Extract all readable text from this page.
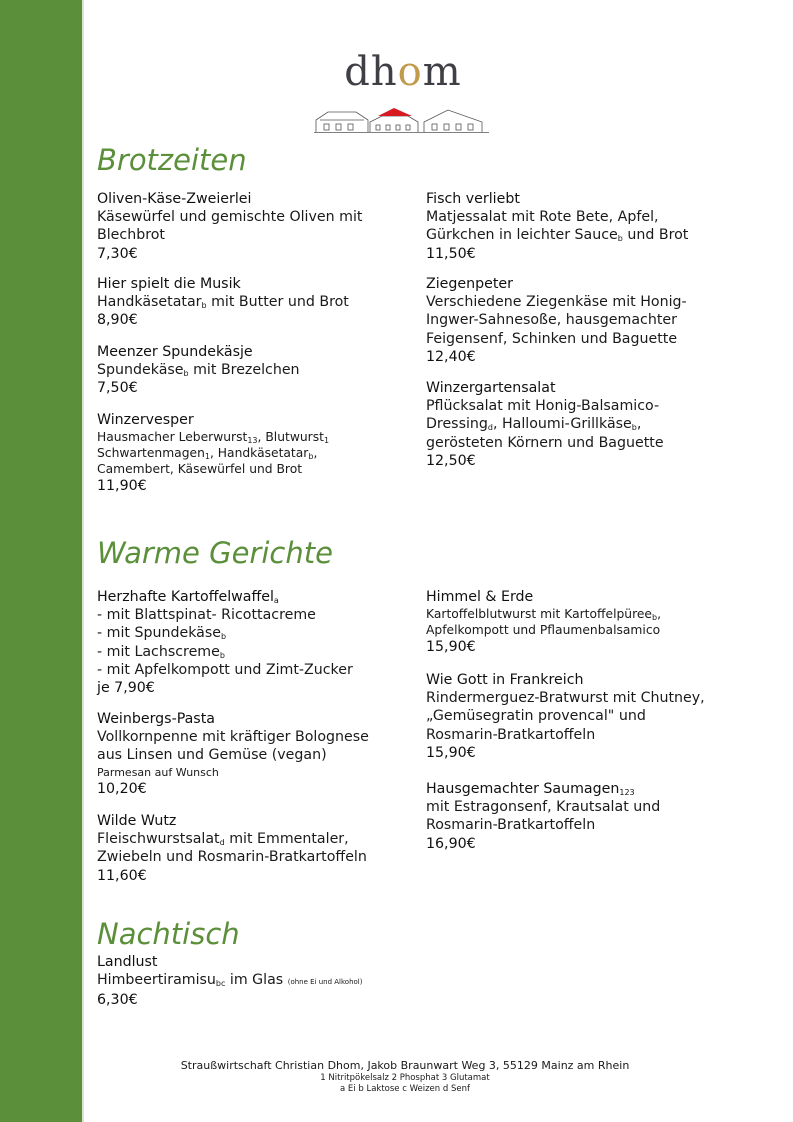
dhom
Brotzeiten
Oliven-Käse-Zweierlei
Käsewürfel und gemischte Oliven mit
Blechbrot
7,30€
Hier spielt die Musik
Handkäsetatar$_b$ mit Butter und Brot
8,90€
Meenzer Spundekäsje
Spundekäse$_b$ mit Brezelchen
7,50€
Winzervesper
Hausmacher Leberwurst$_{13}$, Blutwurst$_1$
Schwartenmagen$_1$, Handkäsetatar$_b$,
Camembert, Käsewürfel und Brot
11,90€
Fisch verliebt
Matjessalat mit Rote Bete, Apfel,
Gürkchen in leichter Sauce$_b$ und Brot
11,50€
Ziegenpeter
Verschiedene Ziegenkäse mit Honig-
Ingwer-Sahnesoße, hausgemachter
Feigensenf, Schinken und Baguette
12,40€
Winzergartensalat
Pflücksalat mit Honig-Balsamico-
Dressing$_d$, Halloumi-Grillkäse$_b$,
gerösteten Körnern und Baguette
12,50€
Warme Gerichte
Herzhafte Kartoffelwaffel$_a$
- mit Blattspinat- Ricottacreme
- mit Spundekäse$_b$
- mit Lachscreme$_b$
- mit Apfelkompott und Zimt-Zucker
je 7,90€
Weinbergs-Pasta
Vollkornpenne mit kräftiger Bolognese
aus Linsen und Gemüse (vegan)
Parmesan auf Wunsch
10,20€
Wilde Wutz
Fleischwurstsalat$_d$ mit Emmentaler,
Zwiebeln und Rosmarin-Bratkartoffeln
11,60€
Himmel & Erde
Kartoffelblutwurst mit Kartoffelpüree$_b$,
Apfelkompott und Pflaumenbalsamico
15,90€
Wie Gott in Frankreich
Rindermerguez-Bratwurst mit Chutney,
„Gemüsegratin provencal" und
Rosmarin-Bratkartoffeln
15,90€
Hausgemachter Saumagen$_{123}$
mit Estragonsenf, Krautsalat und
Rosmarin-Bratkartoffeln
16,90€
Nachtisch
Landlust
Himbeertiramisu$_{bc}$ im Glas (ohne Ei und Alkohol)
6,30€
Straußwirtschaft Christian Dhom, Jakob Braunwart Weg 3, 55129 Mainz am Rhein
1 Nitritpökelsalz 2 Phosphat 3 Glutamat
a Ei b Laktose c Weizen d Senf
